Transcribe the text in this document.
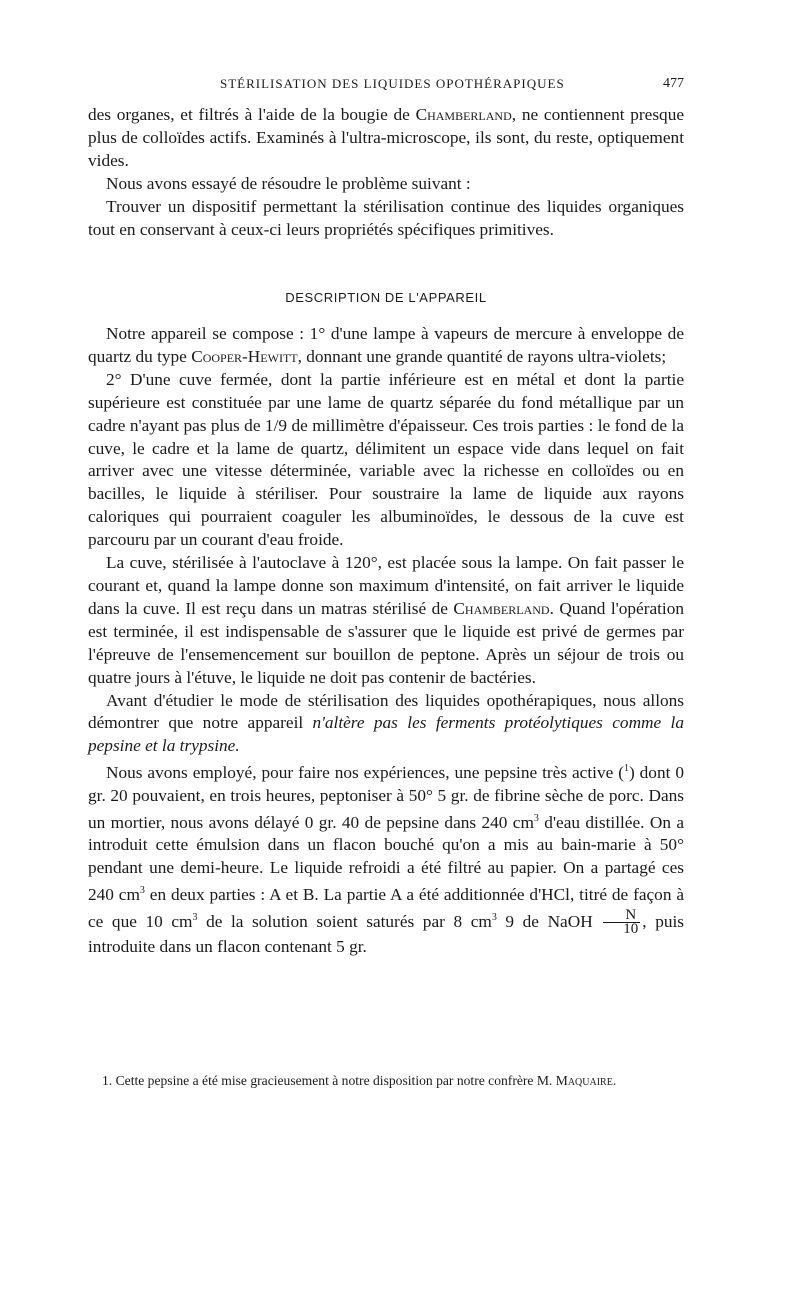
STÉRILISATION DES LIQUIDES OPOTHÉRAPIQUES	477

des organes, et filtrés à l'aide de la bougie de Chamberland, ne contiennent presque plus de colloïdes actifs. Examinés à l'ultra-microscope, ils sont, du reste, optiquement vides.

Nous avons essayé de résoudre le problème suivant :

Trouver un dispositif permettant la stérilisation continue des liquides organiques tout en conservant à ceux-ci leurs propriétés spécifiques primitives.

DESCRIPTION DE L'APPAREIL

Notre appareil se compose : 1° d'une lampe à vapeurs de mercure à enveloppe de quartz du type Cooper-Hewitt, donnant une grande quantité de rayons ultra-violets;

2° D'une cuve fermée, dont la partie inférieure est en métal et dont la partie supérieure est constituée par une lame de quartz séparée du fond métallique par un cadre n'ayant pas plus de 1/9 de millimètre d'épaisseur. Ces trois parties : le fond de la cuve, le cadre et la lame de quartz, délimitent un espace vide dans lequel on fait arriver avec une vitesse déterminée, variable avec la richesse en colloïdes ou en bacilles, le liquide à stériliser. Pour soustraire la lame de liquide aux rayons caloriques qui pourraient coaguler les albuminoïdes, le dessous de la cuve est parcouru par un courant d'eau froide.

La cuve, stérilisée à l'autoclave à 120°, est placée sous la lampe. On fait passer le courant et, quand la lampe donne son maximum d'intensité, on fait arriver le liquide dans la cuve. Il est reçu dans un matras stérilisé de Chamberland. Quand l'opération est terminée, il est indispensable de s'assurer que le liquide est privé de germes par l'épreuve de l'ensemencement sur bouillon de peptone. Après un séjour de trois ou quatre jours à l'étuve, le liquide ne doit pas contenir de bactéries.

Avant d'étudier le mode de stérilisation des liquides opothérapiques, nous allons démontrer que notre appareil n'altère pas les ferments protéolytiques comme la pepsine et la trypsine.

Nous avons employé, pour faire nos expériences, une pepsine très active ($^1$) dont 0 gr. 20 pouvaient, en trois heures, peptoniser à 50° 5 gr. de fibrine sèche de porc. Dans un mortier, nous avons délayé 0 gr. 40 de pepsine dans 240 $cm^3$ d'eau distillée. On a introduit cette émulsion dans un flacon bouché qu'on a mis au bain-marie à 50° pendant une demi-heure. Le liquide refroidi a été filtré au papier. On a partagé ces 240 $cm^3$ en deux parties : A et B. La partie A a été additionnée d'HCl, titré de façon à ce que 10 $cm^3$ de la solution soient saturés par 8 $cm^3$ 9 de NaOH $\frac{N}{10}$ , puis introduite dans un flacon contenant 5 gr.

1. Cette pepsine a été mise gracieusement à notre disposition par notre confrère M. Maquaire.
